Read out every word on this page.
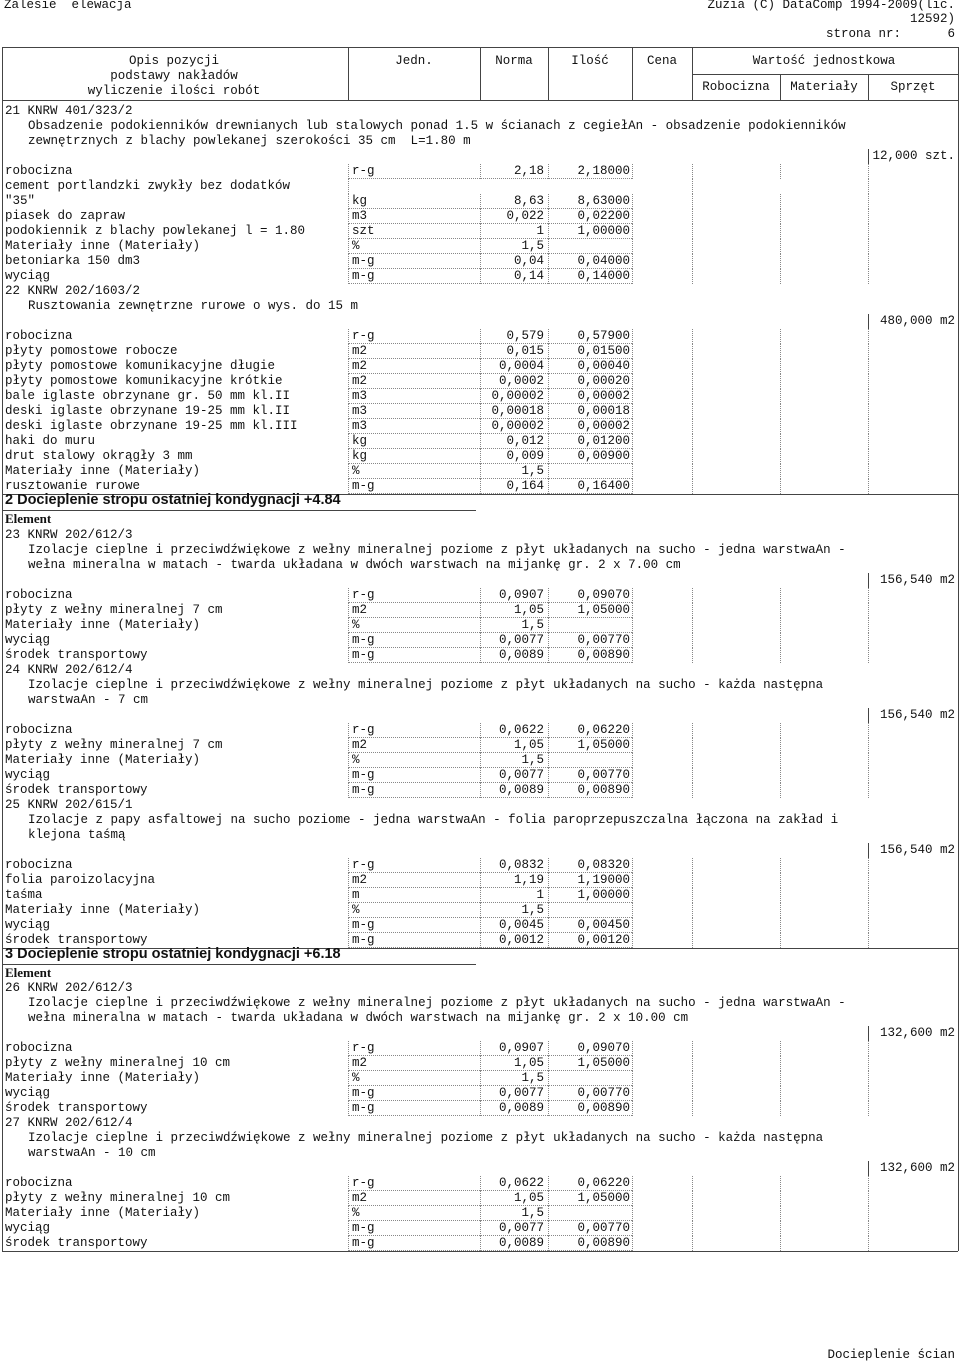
Zalesie  elewacja	Zuzia (C) DataComp 1994-2009(lic.
12592)
strona nr:	6
Opis pozycji
podstawy nakładów
wyliczenie ilości robót
Jedn.	Norma	Ilość	Cena	Wartość jednostkowa
Robocizna	Materiały	Sprzęt
21 KNRW 401/323/2
Obsadzenie podokienników drewnianych lub stalowych ponad 1.5 w ścianach z cegiełAn - obsadzenie podokienników
zewnętrznych z blachy powlekanej szerokości 35 cm  L=1.80 m
12,000 szt.
robocizna	r-g	2,18	2,18000
cement portlandzki zwykły bez dodatków
"35"	kg	8,63	8,63000
piasek do zapraw	m3	0,022	0,02200
podokiennik z blachy powlekanej l = 1.80	szt	1	1,00000
Materiały inne (Materiały)	%	1,5
betoniarka 150 dm3	m-g	0,04	0,04000
wyciąg	m-g	0,14	0,14000
22 KNRW 202/1603/2
Rusztowania zewnętrzne rurowe o wys. do 15 m
480,000 m2
robocizna	r-g	0,579	0,57900
płyty pomostowe robocze	m2	0,015	0,01500
płyty pomostowe komunikacyjne długie	m2	0,0004	0,00040
płyty pomostowe komunikacyjne krótkie	m2	0,0002	0,00020
bale iglaste obrzynane gr. 50 mm kl.II	m3	0,00002	0,00002
deski iglaste obrzynane 19-25 mm kl.II	m3	0,00018	0,00018
deski iglaste obrzynane 19-25 mm kl.III	m3	0,00002	0,00002
haki do muru	kg	0,012	0,01200
drut stalowy okrągły 3 mm	kg	0,009	0,00900
Materiały inne (Materiały)	%	1,5
rusztowanie rurowe	m-g	0,164	0,16400
2 Docieplenie stropu ostatniej kondygnacji +4.84
Element
23 KNRW 202/612/3
Izolacje cieplne i przeciwdźwiękowe z wełny mineralnej poziome z płyt układanych na sucho - jedna warstwaAn -
wełna mineralna w matach - twarda układana w dwóch warstwach na mijankę gr. 2 x 7.00 cm
156,540 m2
robocizna	r-g	0,0907	0,09070
płyty z wełny mineralnej 7 cm	m2	1,05	1,05000
Materiały inne (Materiały)	%	1,5
wyciąg	m-g	0,0077	0,00770
środek transportowy	m-g	0,0089	0,00890
24 KNRW 202/612/4
Izolacje cieplne i przeciwdźwiękowe z wełny mineralnej poziome z płyt układanych na sucho - każda następna
warstwaAn - 7 cm
156,540 m2
robocizna	r-g	0,0622	0,06220
płyty z wełny mineralnej 7 cm	m2	1,05	1,05000
Materiały inne (Materiały)	%	1,5
wyciąg	m-g	0,0077	0,00770
środek transportowy	m-g	0,0089	0,00890
25 KNRW 202/615/1
Izolacje z papy asfaltowej na sucho poziome - jedna warstwaAn - folia paroprzepuszczalna łączona na zakład i
klejona taśmą
156,540 m2
robocizna	r-g	0,0832	0,08320
folia paroizolacyjna	m2	1,19	1,19000
taśma	m	1	1,00000
Materiały inne (Materiały)	%	1,5
wyciąg	m-g	0,0045	0,00450
środek transportowy	m-g	0,0012	0,00120
3 Docieplenie stropu ostatniej kondygnacji +6.18
Element
26 KNRW 202/612/3
Izolacje cieplne i przeciwdźwiękowe z wełny mineralnej poziome z płyt układanych na sucho - jedna warstwaAn -
wełna mineralna w matach - twarda układana w dwóch warstwach na mijankę gr. 2 x 10.00 cm
132,600 m2
robocizna	r-g	0,0907	0,09070
płyty z wełny mineralnej 10 cm	m2	1,05	1,05000
Materiały inne (Materiały)	%	1,5
wyciąg	m-g	0,0077	0,00770
środek transportowy	m-g	0,0089	0,00890
27 KNRW 202/612/4
Izolacje cieplne i przeciwdźwiękowe z wełny mineralnej poziome z płyt układanych na sucho - każda następna
warstwaAn - 10 cm
132,600 m2
robocizna	r-g	0,0622	0,06220
płyty z wełny mineralnej 10 cm	m2	1,05	1,05000
Materiały inne (Materiały)	%	1,5
wyciąg	m-g	0,0077	0,00770
środek transportowy	m-g	0,0089	0,00890
Docieplenie ścian
